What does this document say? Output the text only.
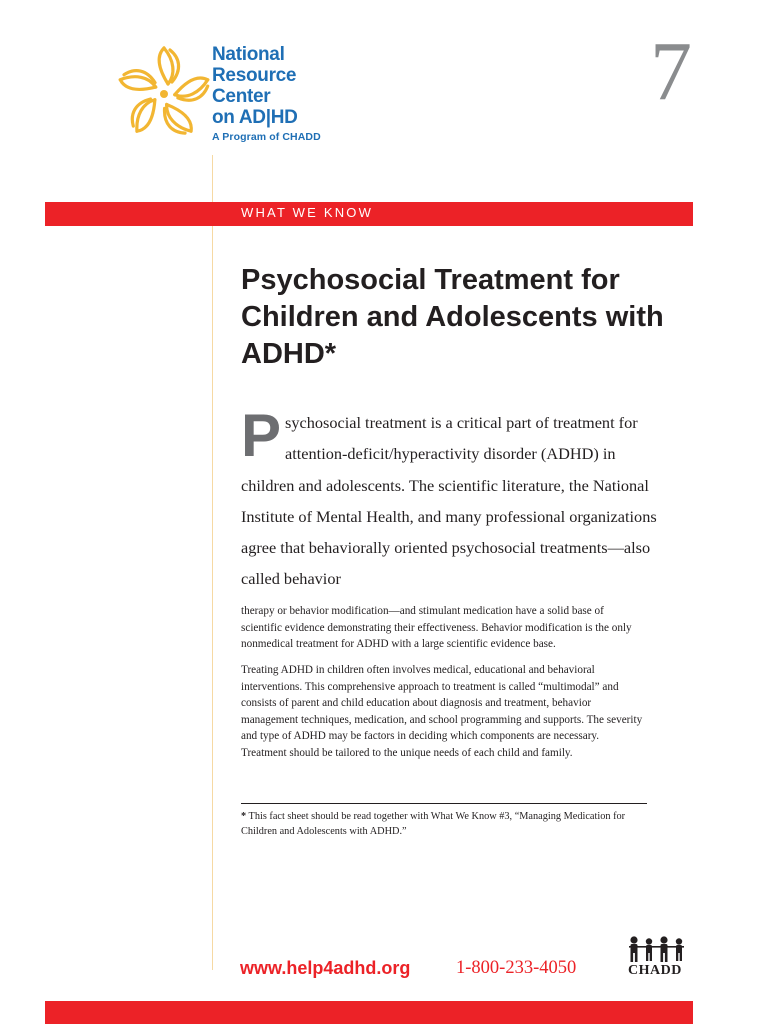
National
Resource
Center
on AD|HD
A Program of CHADD
7
WHAT WE KNOW
Psychosocial Treatment for Children and Adolescents with ADHD*

Psychosocial treatment is a critical part of treatment for attention-deficit/hyperactivity disorder (ADHD) in children and adolescents. The scientific literature, the National Institute of Mental Health, and many professional organizations agree that behaviorally oriented psychosocial treatments—also called behavior

therapy or behavior modification—and stimulant medication have a solid base of scientific evidence demonstrating their effectiveness. Behavior modification is the only nonmedical treatment for ADHD with a large scientific evidence base.

Treating ADHD in children often involves medical, educational and behavioral interventions. This comprehensive approach to treatment is called “multimodal” and consists of parent and child education about diagnosis and treatment, behavior management techniques, medication, and school programming and supports. The severity and type of ADHD may be factors in deciding which components are necessary. Treatment should be tailored to the unique needs of each child and family.

* This fact sheet should be read together with What We Know #3, “Managing Medication for Children and Adolescents with ADHD.”

www.help4adhd.org 1-800-233-4050	CHADD
